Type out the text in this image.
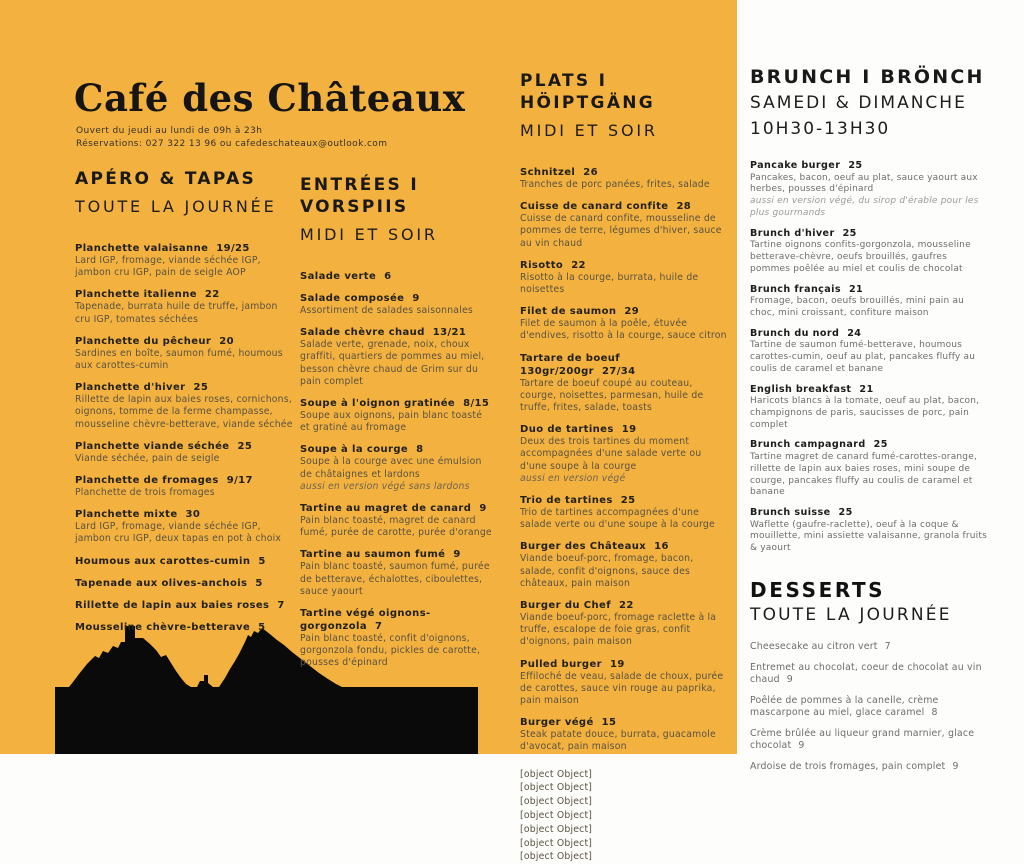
Café des Châteaux
Ouvert du jeudi au lundi de 09h à 23h
Réservations: 027 322 13 96 ou cafedeschateaux@outlook.com
APÉRO & TAPAS
TOUTE LA JOURNÉE
Planchette valaisanne 19/25
Lard IGP, fromage, viande séchée IGP, jambon cru IGP, pain de seigle AOP
Planchette italienne 22
Tapenade, burrata huile de truffe, jambon cru IGP, tomates séchées
Planchette du pêcheur 20
Sardines en boîte, saumon fumé, houmous aux carottes-cumin
Planchette d'hiver 25
Rillette de lapin aux baies roses, cornichons, oignons, tomme de la ferme champasse, mousseline chèvre-betterave, viande séchée
Planchette viande séchée 25
Viande séchée, pain de seigle
Planchette de fromages 9/17
Planchette de trois fromages
Planchette mixte 30
Lard IGP, fromage, viande séchée IGP, jambon cru IGP, deux tapas en pot à choix
Houmous aux carottes-cumin 5
Tapenade aux olives-anchois 5
Rillette de lapin aux baies roses 7
Mousseline chèvre-betterave 5
ENTRÉES I VORSPIIS
MIDI ET SOIR
Salade verte 6
Salade composée 9
Assortiment de salades saisonnales
Salade chèvre chaud 13/21
Salade verte, grenade, noix, choux graffiti, quartiers de pommes au miel, besson chèvre chaud de Grim sur du pain complet
Soupe à l'oignon gratinée 8/15
Soupe aux oignons, pain blanc toasté et gratiné au fromage
Soupe à la courge 8
Soupe à la courge avec une émulsion de châtaignes et lardons
aussi en version végé sans lardons
Tartine au magret de canard 9
Pain blanc toasté, magret de canard fumé, purée de carotte, purée d'orange
Tartine au saumon fumé 9
Pain blanc toasté, saumon fumé, purée de betterave, échalottes, ciboulettes, sauce yaourt
Tartine végé oignons-gorgonzola 7
Pain blanc toasté, confit d'oignons, gorgonzola fondu, pickles de carotte, pousses d'épinard
PLATS I HÖIPTGÄNG
MIDI ET SOIR
Schnitzel 26
Tranches de porc panées, frites, salade
Cuisse de canard confite 28
Cuisse de canard confite, mousseline de pommes de terre, légumes d'hiver, sauce au vin chaud
Risotto 22
Risotto à la courge, burrata, huile de noisettes
Filet de saumon 29
Filet de saumon à la poêle, étuvée d'endives, risotto à la courge, sauce citron
Tartare de boeuf 130gr/200gr 27/34
Tartare de boeuf coupé au couteau, courge, noisettes, parmesan, huile de truffe, frites, salade, toasts
Duo de tartines 19
Deux des trois tartines du moment accompagnées d'une salade verte ou d'une soupe à la courge
aussi en version végé
Trio de tartines 25
Trio de tartines accompagnées d'une salade verte ou d'une soupe à la courge
Burger des Châteaux 16
Viande boeuf-porc, fromage, bacon, salade, confit d'oignons, sauce des châteaux, pain maison
Burger du Chef 22
Viande boeuf-porc, fromage raclette à la truffe, escalope de foie gras, confit d'oignons, pain maison
Pulled burger 19
Effiloché de veau, salade de choux, purée de carottes, sauce vin rouge au paprika, pain maison
Burger végé 15
Steak patate douce, burrata, guacamole d'avocat, pain maison
[object Object]
[object Object]
[object Object]
[object Object]
[object Object]
[object Object]
[object Object]
BRUNCH I BRÖNCH
SAMEDI & DIMANCHE
10H30-13H30
Pancake burger 25
Pancakes, bacon, oeuf au plat, sauce yaourt aux herbes, pousses d'épinard
aussi en version végé, du sirop d'érable pour les plus gourmands
Brunch d'hiver 25
Tartine oignons confits-gorgonzola, mousseline betterave-chèvre, oeufs brouillés, gaufres pommes poêlée au miel et coulis de chocolat
Brunch français 21
Fromage, bacon, oeufs brouillés, mini pain au choc, mini croissant, confiture maison
Brunch du nord 24
Tartine de saumon fumé-betterave, houmous carottes-cumin, oeuf au plat, pancakes fluffy au coulis de caramel et banane
English breakfast 21
Haricots blancs à la tomate, oeuf au plat, bacon, champignons de paris, saucisses de porc, pain complet
Brunch campagnard 25
Tartine magret de canard fumé-carottes-orange, rillette de lapin aux baies roses, mini soupe de courge, pancakes fluffy au coulis de caramel et banane
Brunch suisse 25
Waflette (gaufre-raclette), oeuf à la coque & mouillette, mini assiette valaisanne, granola fruits & yaourt
DESSERTS
TOUTE LA JOURNÉE
Cheesecake au citron vert 7
Entremet au chocolat, coeur de chocolat au vin chaud 9
Poêlée de pommes à la canelle, crème mascarpone au miel, glace caramel 8
Crème brûlée au liqueur grand marnier, glace chocolat 9
Ardoise de trois fromages, pain complet 9
